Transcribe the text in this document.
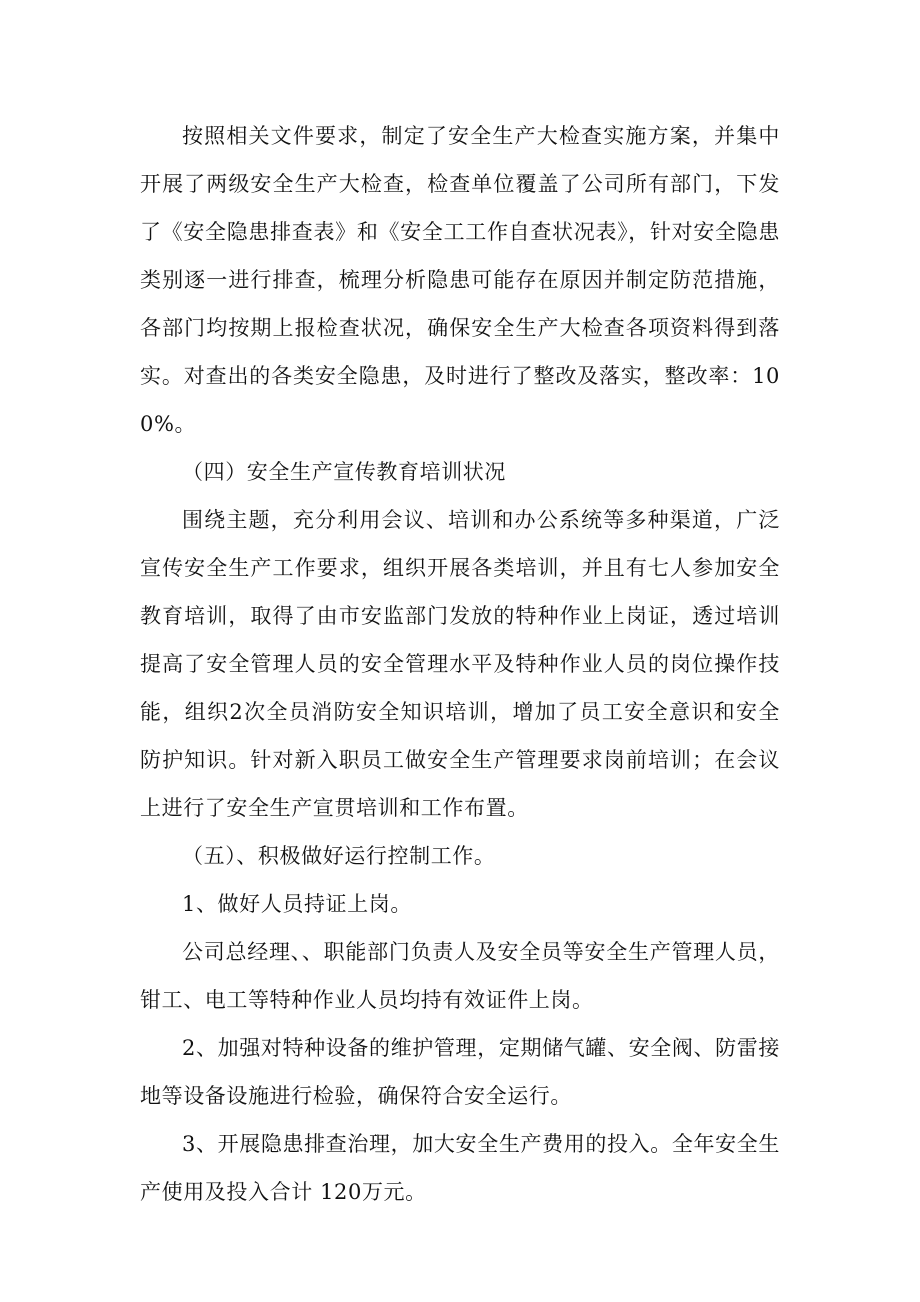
按照相关文件要求，制定了安全生产大检查实施方案，并集中开展了两级安全生产大检查，检查单位覆盖了公司所有部门，下发了《安全隐患排查表》和《安全工工作自查状况表》，针对安全隐患类别逐一进行排查，梳理分析隐患可能存在原因并制定防范措施，各部门均按期上报检查状况，确保安全生产大检查各项资料得到落实。对查出的各类安全隐患，及时进行了整改及落实，整改率：100%。

（四）安全生产宣传教育培训状况

围绕主题，充分利用会议、培训和办公系统等多种渠道，广泛宣传安全生产工作要求，组织开展各类培训，并且有七人参加安全教育培训，取得了由市安监部门发放的特种作业上岗证，透过培训提高了安全管理人员的安全管理水平及特种作业人员的岗位操作技能，组织2次全员消防安全知识培训，增加了员工安全意识和安全防护知识。针对新入职员工做安全生产管理要求岗前培训；在会议上进行了安全生产宣贯培训和工作布置。

（五）、积极做好运行控制工作。

1、做好人员持证上岗。

公司总经理、、职能部门负责人及安全员等安全生产管理人员，钳工、电工等特种作业人员均持有效证件上岗。

2、加强对特种设备的维护管理，定期储气罐、安全阀、防雷接地等设备设施进行检验，确保符合安全运行。

3、开展隐患排查治理，加大安全生产费用的投入。全年安全生产使用及投入合计 120万元。
